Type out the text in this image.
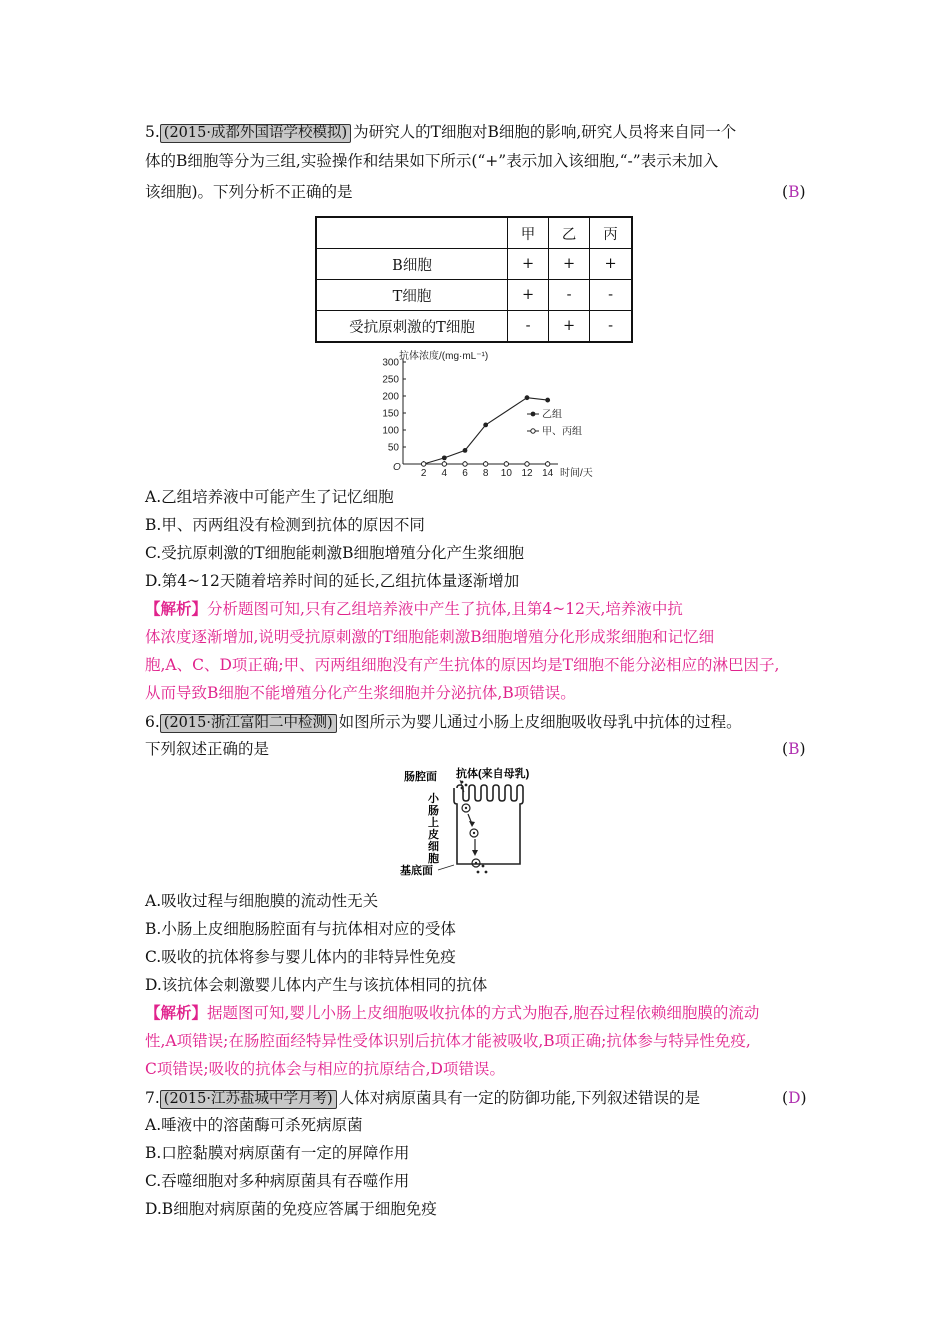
5. (2015·成都外国语学校模拟) 为研究人的T细胞对B细胞的影响,研究人员将来自同一个
体的B细胞等分为三组,实验操作和结果如下所示(“+”表示加入该细胞,“-”表示未加入
该细胞)。下列分析不正确的是	(B)
	甲	乙	丙
B细胞	+	+	+
T细胞	+	-	-
受抗原刺激的T细胞	-	+	-
50
100
150
200
250
300
2 4 6 8 10 12 14
O
抗体浓度/(mg·mL⁻¹)
时间/天
乙组
甲、丙组
A.乙组培养液中可能产生了记忆细胞
B.甲、丙两组没有检测到抗体的原因不同
C.受抗原刺激的T细胞能刺激B细胞增殖分化产生浆细胞
D.第4~12天随着培养时间的延长,乙组抗体量逐渐增加
【解析】分析题图可知,只有乙组培养液中产生了抗体,且第4~12天,培养液中抗
体浓度逐渐增加,说明受抗原刺激的T细胞能刺激B细胞增殖分化形成浆细胞和记忆细
胞,A、C、D项正确;甲、丙两组细胞没有产生抗体的原因均是T细胞不能分泌相应的淋巴因子,
从而导致B细胞不能增殖分化产生浆细胞并分泌抗体,B项错误。
6. (2015·浙江富阳二中检测) 如图所示为婴儿通过小肠上皮细胞吸收母乳中抗体的过程。
下列叙述正确的是	(B)
肠腔面 抗体(来自母乳)
基底面
小
肠
上
皮
细
胞
A.吸收过程与细胞膜的流动性无关
B.小肠上皮细胞肠腔面有与抗体相对应的受体
C.吸收的抗体将参与婴儿体内的非特异性免疫
D.该抗体会刺激婴儿体内产生与该抗体相同的抗体
【解析】据题图可知,婴儿小肠上皮细胞吸收抗体的方式为胞吞,胞吞过程依赖细胞膜的流动
性,A项错误;在肠腔面经特异性受体识别后抗体才能被吸收,B项正确;抗体参与特异性免疫,
C项错误;吸收的抗体会与相应的抗原结合,D项错误。
7. (2015·江苏盐城中学月考) 人体对病原菌具有一定的防御功能,下列叙述错误的是	(D)
A.唾液中的溶菌酶可杀死病原菌
B.口腔黏膜对病原菌有一定的屏障作用
C.吞噬细胞对多种病原菌具有吞噬作用
D.B细胞对病原菌的免疫应答属于细胞免疫
